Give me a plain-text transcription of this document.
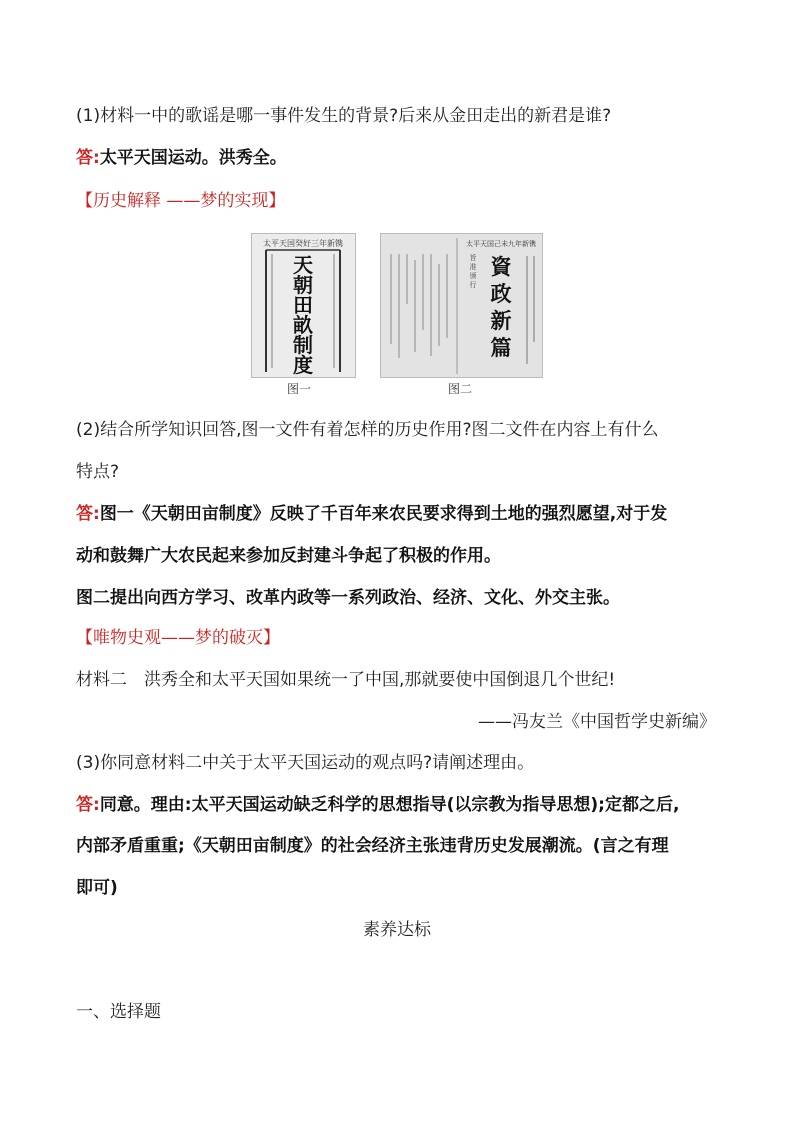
(1)材料一中的歌谣是哪一事件发生的背景?后来从金田走出的新君是谁?
答:太平天国运动。洪秀全。
【历史解释 ——梦的实现】
太平天国癸好三年新镌
天
朝
田
畝
制
度
图一
太平天国己未九年新镌
旨准颁行
資
政
新
篇
图二
(2)结合所学知识回答,图一文件有着怎样的历史作用?图二文件在内容上有什么
特点?
答:图一《天朝田亩制度》反映了千百年来农民要求得到土地的强烈愿望,对于发
动和鼓舞广大农民起来参加反封建斗争起了积极的作用。
图二提出向西方学习、改革内政等一系列政治、经济、文化、外交主张。
【唯物史观——梦的破灭】
材料二　洪秀全和太平天国如果统一了中国,那就要使中国倒退几个世纪!
——冯友兰《中国哲学史新编》
(3)你同意材料二中关于太平天国运动的观点吗?请阐述理由。
答:同意。理由:太平天国运动缺乏科学的思想指导(以宗教为指导思想);定都之后,
内部矛盾重重;《天朝田亩制度》的社会经济主张违背历史发展潮流。(言之有理
即可)
素养达标
一、选择题
